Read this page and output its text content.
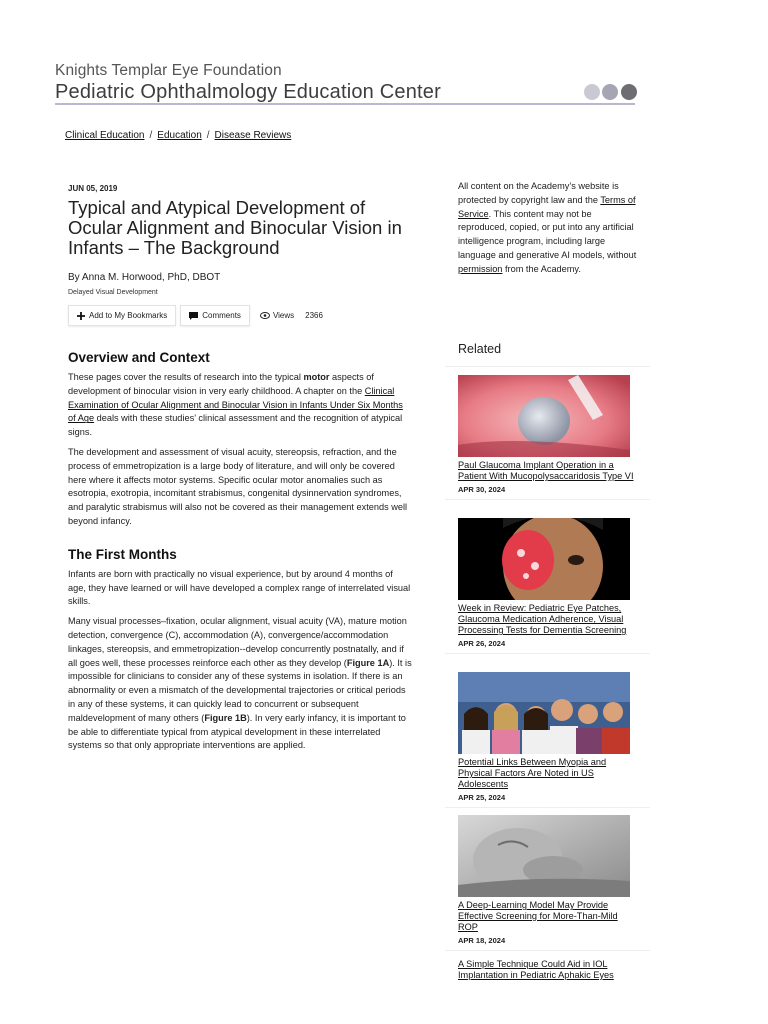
Knights Templar Eye Foundation
Pediatric Ophthalmology Education Center

Clinical Education / Education / Disease Reviews
JUN 05, 2019
Typical and Atypical Development of Ocular Alignment and Binocular Vision in Infants – The Background
By Anna M. Horwood, PhD, DBOT
Delayed Visual Development
Add to My Bookmarks	Comments	Views 2366
Overview and Context

These pages cover the results of research into the typical motor aspects of development of binocular vision in very early childhood. A chapter on the Clinical Examination of Ocular Alignment and Binocular Vision in Infants Under Six Months of Age deals with these studies’ clinical assessment and the recognition of atypical signs.

The development and assessment of visual acuity, stereopsis, refraction, and the process of emmetropization is a large body of literature, and will only be covered here where it affects motor systems. Specific ocular motor anomalies such as esotropia, exotropia, incomitant strabismus, congenital dysinnervation syndromes, and paralytic strabismus will also not be covered as their management extends well beyond infancy.

The First Months

Infants are born with practically no visual experience, but by around 4 months of age, they have learned or will have developed a complex range of interrelated visual skills.

Many visual processes–fixation, ocular alignment, visual acuity (VA), mature motion detection, convergence (C), accommodation (A), convergence/accommodation linkages, stereopsis, and emmetropization--develop concurrently postnatally, and if all goes well, these processes reinforce each other as they develop (Figure 1A). It is impossible for clinicians to consider any of these systems in isolation. If there is an abnormality or even a mismatch of the developmental trajectories or critical periods in any of these systems, it can quickly lead to concurrent or subsequent maldevelopment of many others (Figure 1B). In very early infancy, it is important to be able to differentiate typical from atypical development in these interrelated systems so that only appropriate interventions are applied.

All content on the Academy’s website is protected by copyright law and the Terms of Service. This content may not be reproduced, copied, or put into any artificial intelligence program, including large language and generative AI models, without permission from the Academy.
Related
Paul Glaucoma Implant Operation in a Patient With Mucopolysaccaridosis Type VI
APR 30, 2024
Week in Review: Pediatric Eye Patches, Glaucoma Medication Adherence, Visual Processing Tests for Dementia Screening
APR 26, 2024
Potential Links Between Myopia and Physical Factors Are Noted in US Adolescents
APR 25, 2024
A Deep-Learning Model May Provide Effective Screening for More-Than-Mild ROP
APR 18, 2024
A Simple Technique Could Aid in IOL Implantation in Pediatric Aphakic Eyes
